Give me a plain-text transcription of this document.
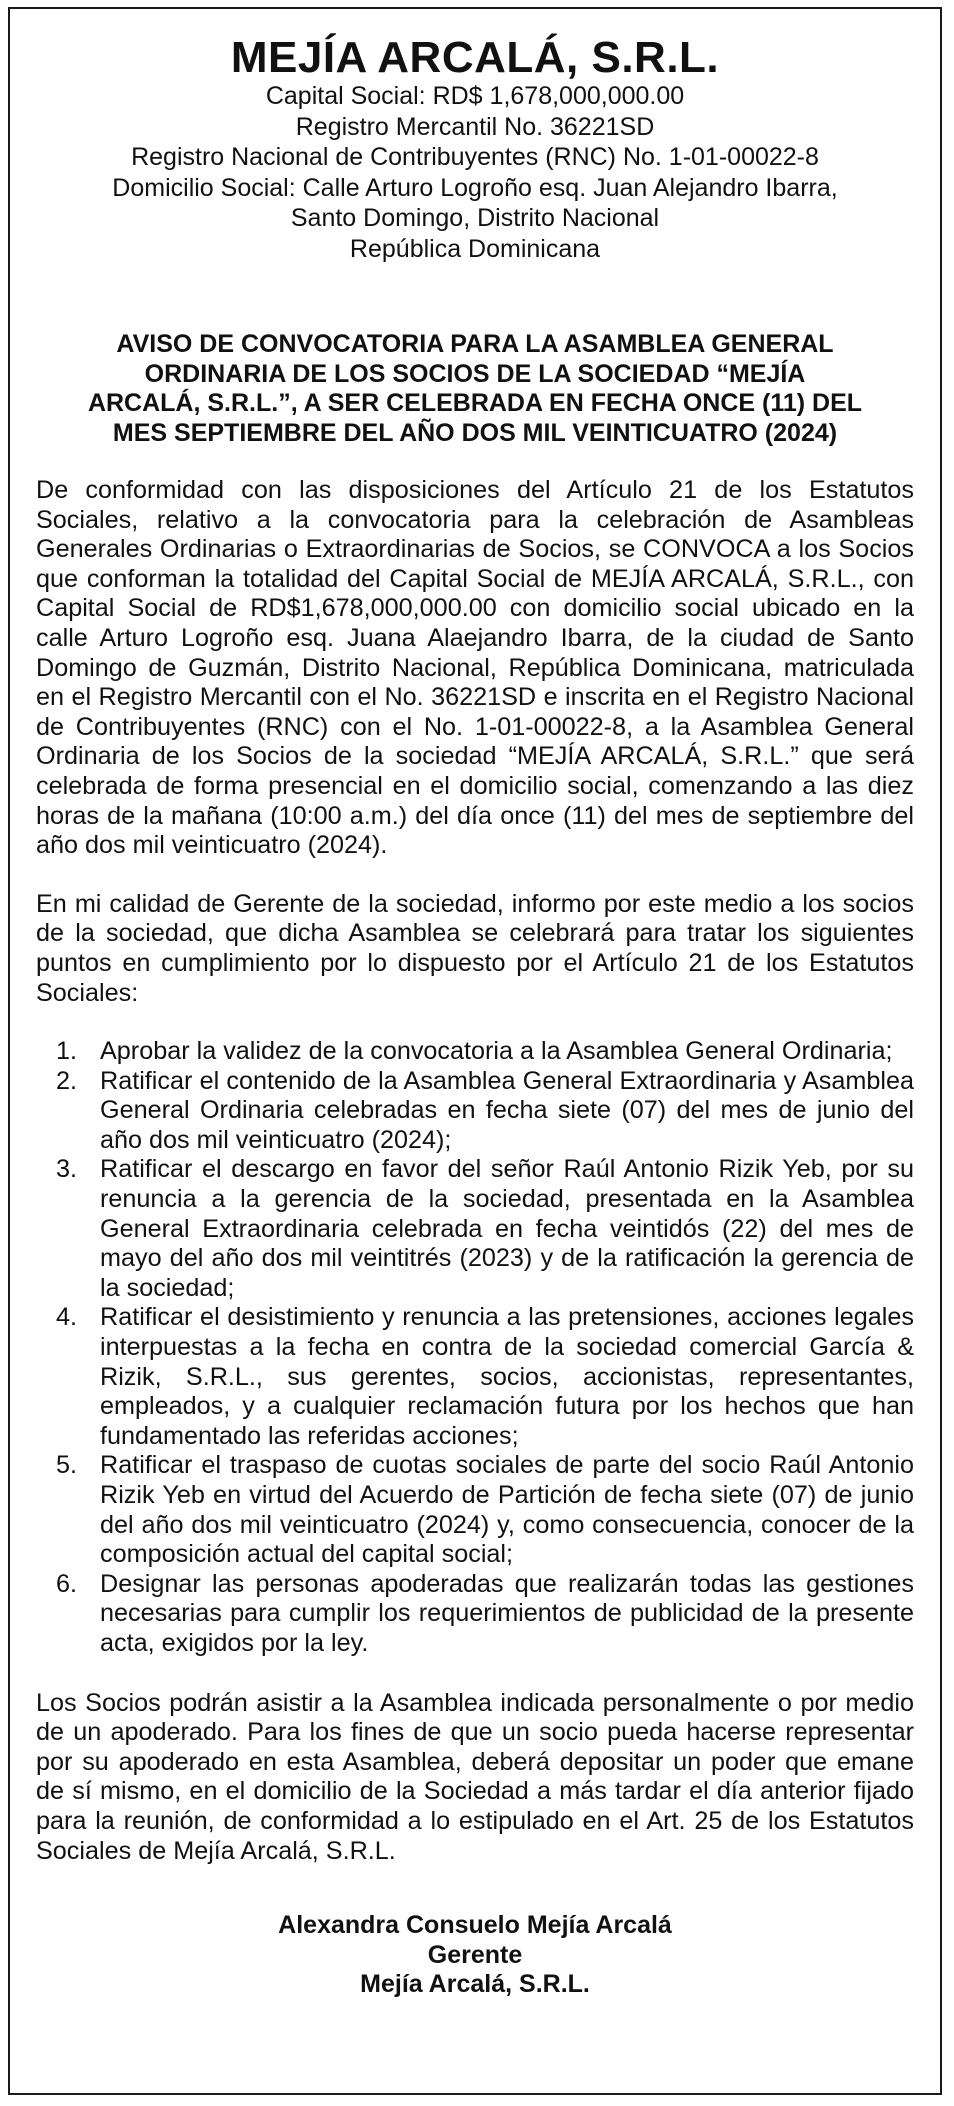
MEJÍA ARCALÁ, S.R.L.
Capital Social: RD$ 1,678,000,000.00
Registro Mercantil No. 36221SD
Registro Nacional de Contribuyentes (RNC) No. 1-01-00022-8
Domicilio Social: Calle Arturo Logroño esq. Juan Alejandro Ibarra,
Santo Domingo, Distrito Nacional
República Dominicana
AVISO DE CONVOCATORIA PARA LA ASAMBLEA GENERAL
ORDINARIA DE LOS SOCIOS DE LA SOCIEDAD “MEJÍA
ARCALÁ, S.R.L.”, A SER CELEBRADA EN FECHA ONCE (11) DEL
MES SEPTIEMBRE DEL AÑO DOS MIL VEINTICUATRO (2024)
De conformidad con las disposiciones del Artículo 21 de los Estatutos Sociales, relativo a la convocatoria para la celebración de Asambleas Generales Ordinarias o Extraordinarias de Socios, se CONVOCA a los Socios que conforman la totalidad del Capital Social de MEJÍA ARCALÁ, S.R.L., con Capital Social de RD$1,678,000,000.00 con domicilio social ubicado en la calle Arturo Logroño esq. Juana Alaejandro Ibarra, de la ciudad de Santo Domingo de Guzmán, Distrito Nacional, República Dominicana, matriculada en el Registro Mercantil con el No. 36221SD e inscrita en el Registro Nacional de Contribuyentes (RNC) con el No. 1-01-00022-8, a la Asamblea General Ordinaria de los Socios de la sociedad “MEJÍA ARCALÁ, S.R.L.” que será celebrada de forma presencial en el domicilio social, comenzando a las diez horas de la mañana (10:00 a.m.) del día once (11) del mes de septiembre del año dos mil veinticuatro (2024).
En mi calidad de Gerente de la sociedad, informo por este medio a los socios de la sociedad, que dicha Asamblea se celebrará para tratar los siguientes puntos en cumplimiento por lo dispuesto por el Artículo 21 de los Estatutos Sociales:
1. Aprobar la validez de la convocatoria a la Asamblea General Ordinaria;
2. Ratificar el contenido de la Asamblea General Extraordinaria y Asamblea General Ordinaria celebradas en fecha siete (07) del mes de junio del año dos mil veinticuatro (2024);
3. Ratificar el descargo en favor del señor Raúl Antonio Rizik Yeb, por su renuncia a la gerencia de la sociedad, presentada en la Asamblea General Extraordinaria celebrada en fecha veintidós (22) del mes de mayo del año dos mil veintitrés (2023) y de la ratificación la gerencia de la sociedad;
4. Ratificar el desistimiento y renuncia a las pretensiones, acciones legales interpuestas a la fecha en contra de la sociedad comercial García & Rizik, S.R.L., sus gerentes, socios, accionistas, representantes, empleados, y a cualquier reclamación futura por los hechos que han fundamentado las referidas acciones;
5. Ratificar el traspaso de cuotas sociales de parte del socio Raúl Antonio Rizik Yeb en virtud del Acuerdo de Partición de fecha siete (07) de junio del año dos mil veinticuatro (2024) y, como consecuencia, conocer de la composición actual del capital social;
6. Designar las personas apoderadas que realizarán todas las gestiones necesarias para cumplir los requerimientos de publicidad de la presente acta, exigidos por la ley.
Los Socios podrán asistir a la Asamblea indicada personalmente o por medio de un apoderado. Para los fines de que un socio pueda hacerse representar por su apoderado en esta Asamblea, deberá depositar un poder que emane de sí mismo, en el domicilio de la Sociedad a más tardar el día anterior fijado para la reunión, de conformidad a lo estipulado en el Art. 25 de los Estatutos Sociales de Mejía Arcalá, S.R.L.
Alexandra Consuelo Mejía Arcalá
Gerente
Mejía Arcalá, S.R.L.
